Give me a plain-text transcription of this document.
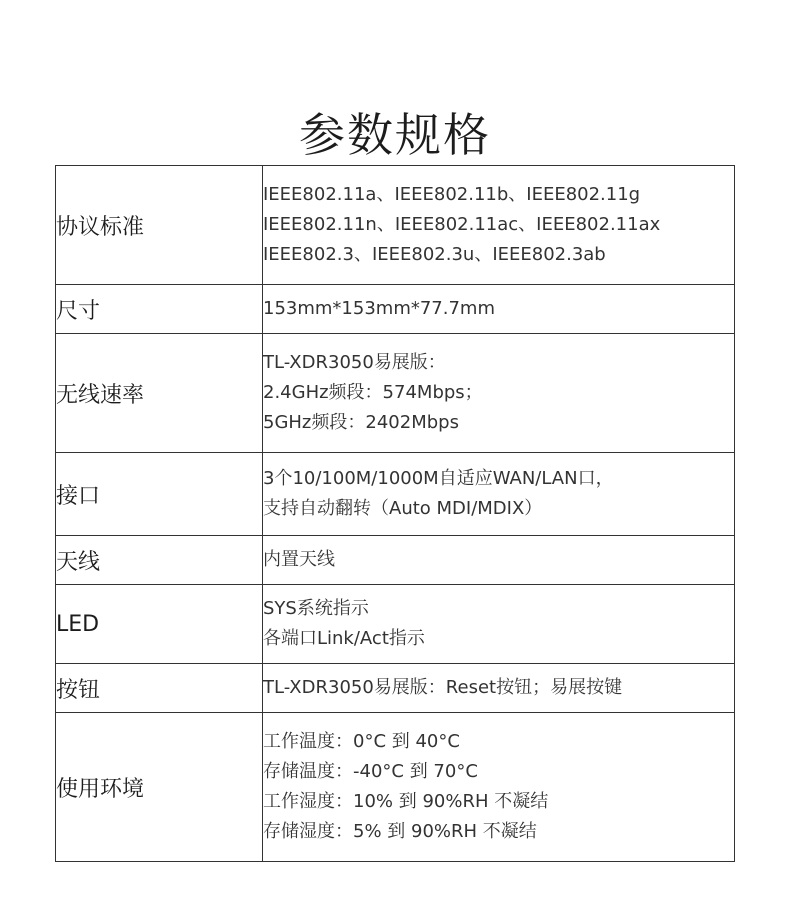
参数规格
协议标准	IEEE802.11a、IEEE802.11b、IEEE802.11g
IEEE802.11n、IEEE802.11ac、IEEE802.11ax
IEEE802.3、IEEE802.3u、IEEE802.3ab

尺寸	153mm*153mm*77.7mm

无线速率	TL-XDR3050易展版：
2.4GHz频段：574Mbps；
5GHz频段：2402Mbps

接口	3个10/100M/1000M自适应WAN/LAN口，
支持自动翻转（Auto MDI/MDIX）

天线	内置天线

LED	SYS系统指示
各端口Link/Act指示

按钮	TL-XDR3050易展版：Reset按钮；易展按键

使用环境	工作温度：0°C 到 40°C
存储温度：-40°C 到 70°C
工作湿度：10% 到 90%RH 不凝结
存储湿度：5% 到 90%RH 不凝结
